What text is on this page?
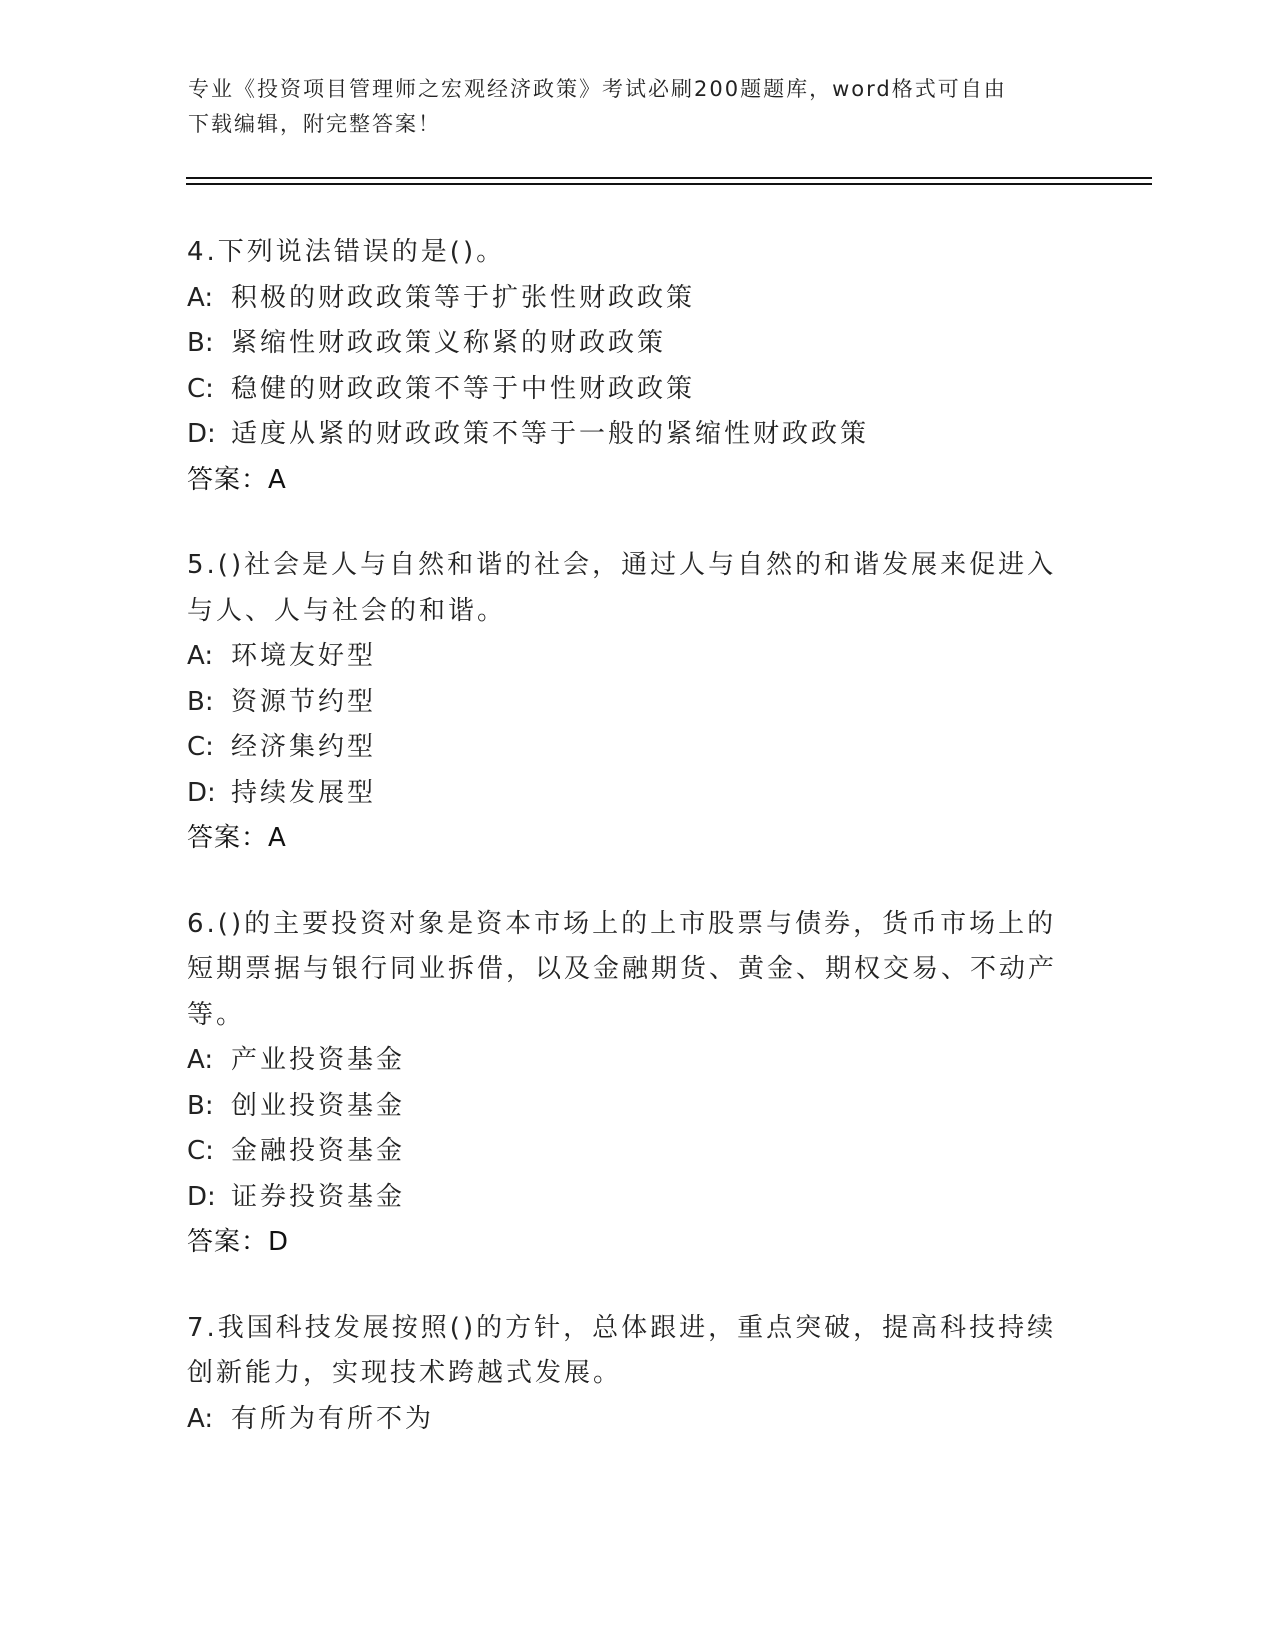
专业《投资项目管理师之宏观经济政策》考试必刷200题题库，word格式可自由
下载编辑，附完整答案！

4.下列说法错误的是()。

A: 积极的财政政策等于扩张性财政政策
B: 紧缩性财政政策义称紧的财政政策
C: 稳健的财政政策不等于中性财政政策
D: 适度从紧的财政政策不等于一般的紧缩性财政政策

答案：A

5.()社会是人与自然和谐的社会，通过人与自然的和谐发展来促进入与人、人与社会的和谐。

A: 环境友好型
B: 资源节约型
C: 经济集约型
D: 持续发展型

答案：A

6.()的主要投资对象是资本市场上的上市股票与债券，货币市场上的短期票据与银行同业拆借，以及金融期货、黄金、期权交易、不动产等。

A: 产业投资基金
B: 创业投资基金
C: 金融投资基金
D: 证券投资基金

答案：D

7.我国科技发展按照()的方针，总体跟进，重点突破，提高科技持续创新能力，实现技术跨越式发展。

A: 有所为有所不为
